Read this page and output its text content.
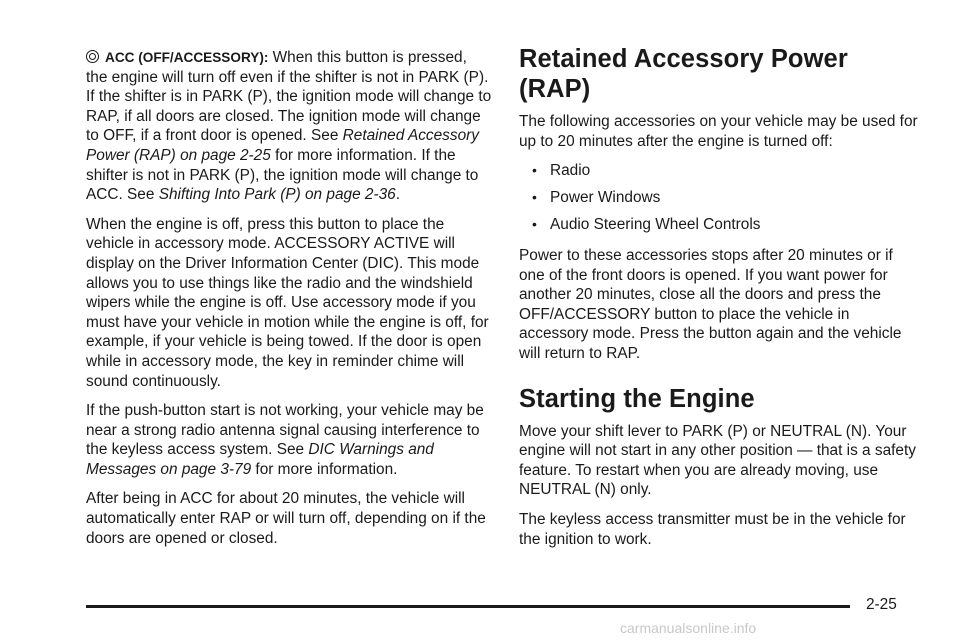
ACC (OFF/ACCESSORY): When this button is pressed, the engine will turn off even if the shifter is not in PARK (P). If the shifter is in PARK (P), the ignition mode will change to RAP, if all doors are closed. The ignition mode will change to OFF, if a front door is opened. See Retained Accessory Power (RAP) on page 2-25 for more information. If the shifter is not in PARK (P), the ignition mode will change to ACC. See Shifting Into Park (P) on page 2-36.

When the engine is off, press this button to place the vehicle in accessory mode. ACCESSORY ACTIVE will display on the Driver Information Center (DIC). This mode allows you to use things like the radio and the windshield wipers while the engine is off. Use accessory mode if you must have your vehicle in motion while the engine is off, for example, if your vehicle is being towed. If the door is open while in accessory mode, the key in reminder chime will sound continuously.

If the push-button start is not working, your vehicle may be near a strong radio antenna signal causing interference to the keyless access system. See DIC Warnings and Messages on page 3-79 for more information.

After being in ACC for about 20 minutes, the vehicle will automatically enter RAP or will turn off, depending on if the doors are opened or closed.

Retained Accessory Power (RAP)

The following accessories on your vehicle may be used for up to 20 minutes after the engine is turned off:

• Radio
• Power Windows
• Audio Steering Wheel Controls

Power to these accessories stops after 20 minutes or if one of the front doors is opened. If you want power for another 20 minutes, close all the doors and press the OFF/ACCESSORY button to place the vehicle in accessory mode. Press the button again and the vehicle will return to RAP.

Starting the Engine

Move your shift lever to PARK (P) or NEUTRAL (N). Your engine will not start in any other position — that is a safety feature. To restart when you are already moving, use NEUTRAL (N) only.

The keyless access transmitter must be in the vehicle for the ignition to work.

2-25
carmanualsonline.info
